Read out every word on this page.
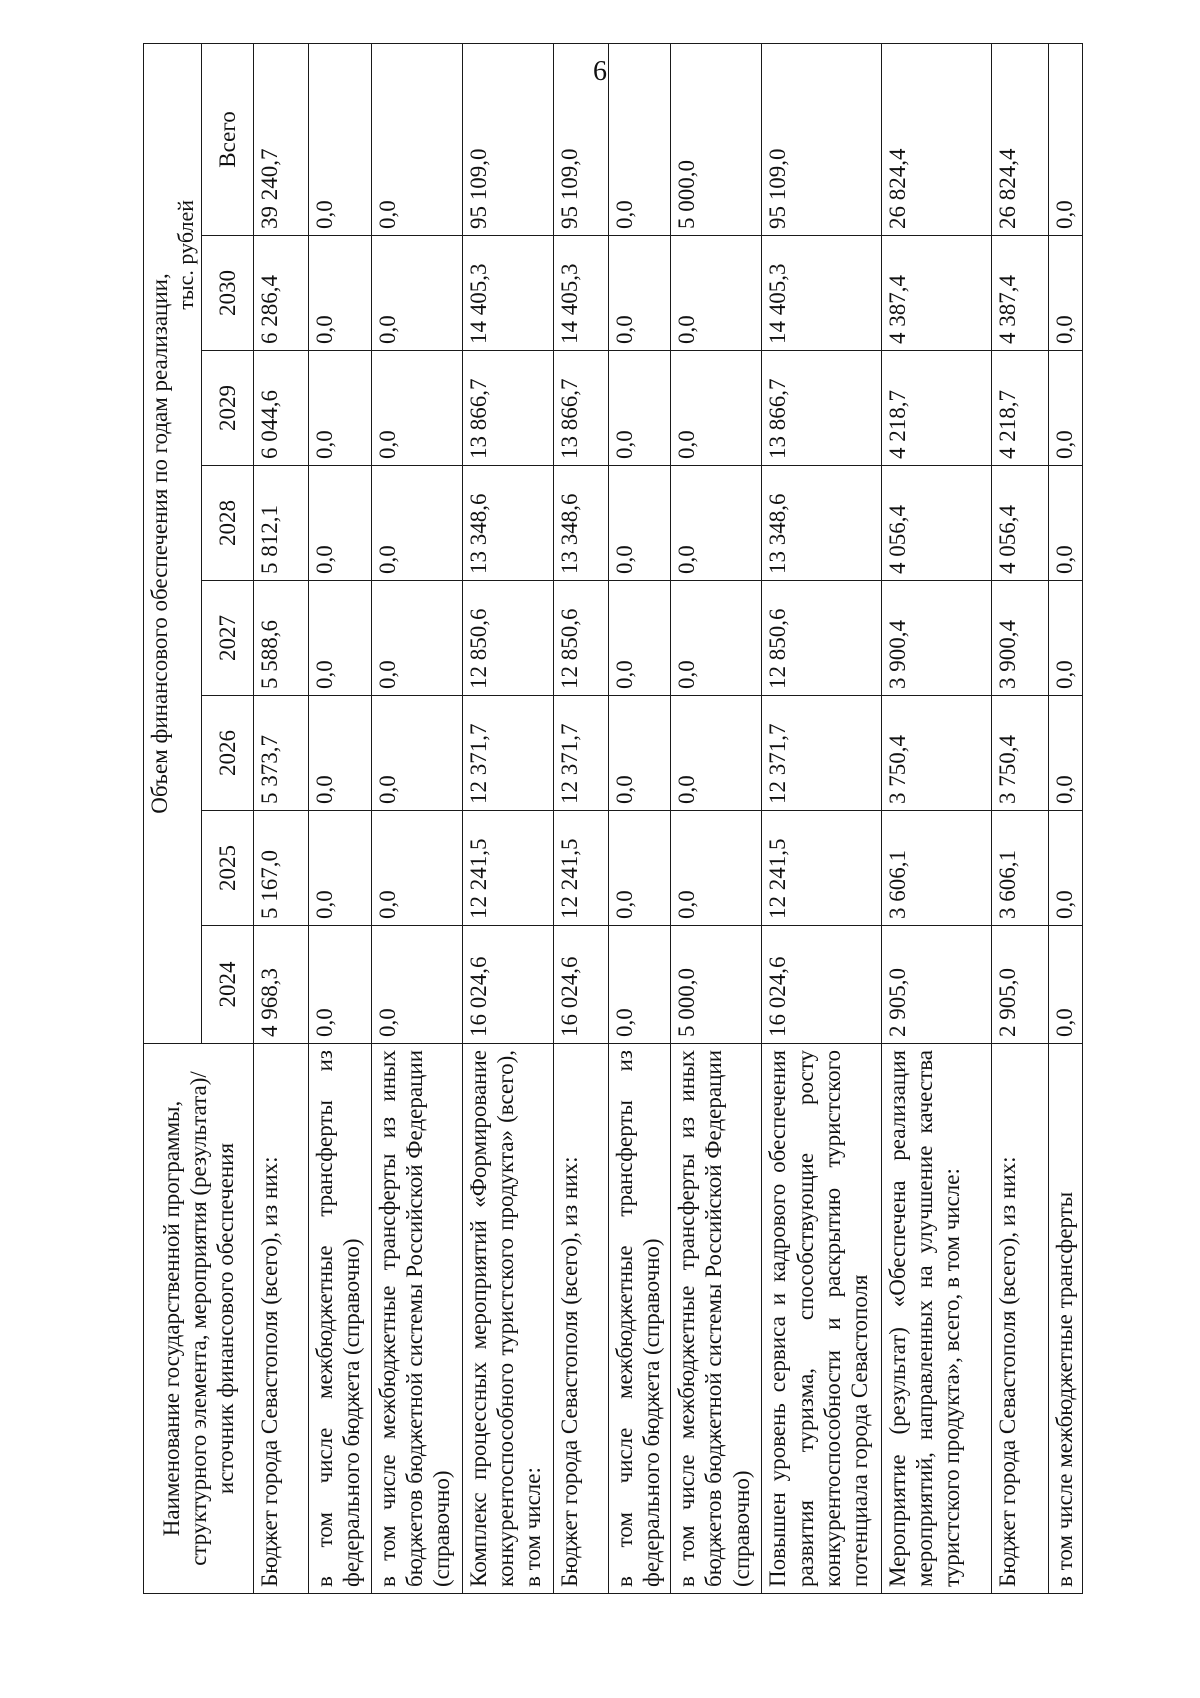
6
Наименование государственной программы, структурного элемента, мероприятия (результата)/источник финансового обеспечения	Объем финансового обеспечения по годам реализации,
тыс. рублей							

	2024	2025	2026	2027	2028	2029	2030	Всего
Бюджет города Севастополя (всего), из них:	4 968,3	5 167,0	5 373,7	5 588,6	5 812,1	6 044,6	6 286,4	39 240,7
в том числе межбюджетные трансферты из федерального бюджета (справочно)	0,0	0,0	0,0	0,0	0,0	0,0	0,0	0,0
в том числе межбюджетные трансферты из иных бюджетов бюджетной системы Российской Федерации (справочно)	0,0	0,0	0,0	0,0	0,0	0,0	0,0	0,0
Комплекс процессных мероприятий «Формирование конкурентоспособного туристского продукта» (всего), в том числе:	16 024,6	12 241,5	12 371,7	12 850,6	13 348,6	13 866,7	14 405,3	95 109,0
Бюджет города Севастополя (всего), из них:	16 024,6	12 241,5	12 371,7	12 850,6	13 348,6	13 866,7	14 405,3	95 109,0
в том числе межбюджетные трансферты из федерального бюджета (справочно)	0,0	0,0	0,0	0,0	0,0	0,0	0,0	0,0
в том числе межбюджетные трансферты из иных бюджетов бюджетной системы Российской Федерации (справочно)	5 000,0	0,0	0,0	0,0	0,0	0,0	0,0	5 000,0
Повышен уровень сервиса и кадрового обеспечения развития туризма, способствующие росту конкурентоспособности и раскрытию туристского потенциала города Севастополя	16 024,6	12 241,5	12 371,7	12 850,6	13 348,6	13 866,7	14 405,3	95 109,0
Мероприятие (результат) «Обеспечена реализация мероприятий, направленных на улучшение качества туристского продукта», всего, в том числе:	2 905,0	3 606,1	3 750,4	3 900,4	4 056,4	4 218,7	4 387,4	26 824,4
Бюджет города Севастополя (всего), из них:	2 905,0	3 606,1	3 750,4	3 900,4	4 056,4	4 218,7	4 387,4	26 824,4
в том числе межбюджетные трансферты	0,0	0,0	0,0	0,0	0,0	0,0	0,0	0,0
